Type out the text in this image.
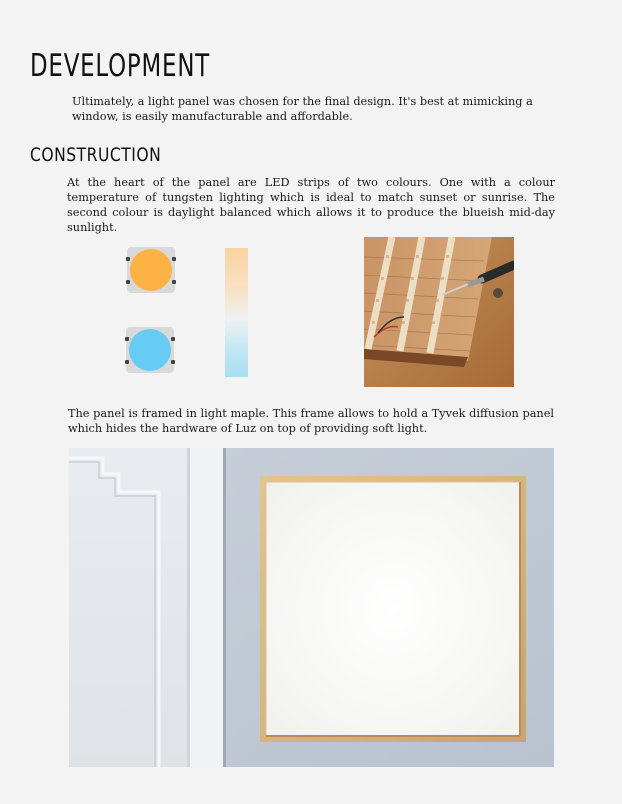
DEVELOPMENT
Ultimately, a light panel was chosen for the final design. It's best at mimicking a window, is easily manufacturable and affordable.
CONSTRUCTION
At the heart of the panel are LED strips of two colours. One with a colour temperature of tungsten lighting which is ideal to match sunset or sunrise. The second colour is daylight balanced which allows it to produce the blueish mid-day sunlight.
The panel is framed in light maple. This frame allows to hold a Tyvek diffusion panel which hides the hardware of Luz on top of providing soft light.
